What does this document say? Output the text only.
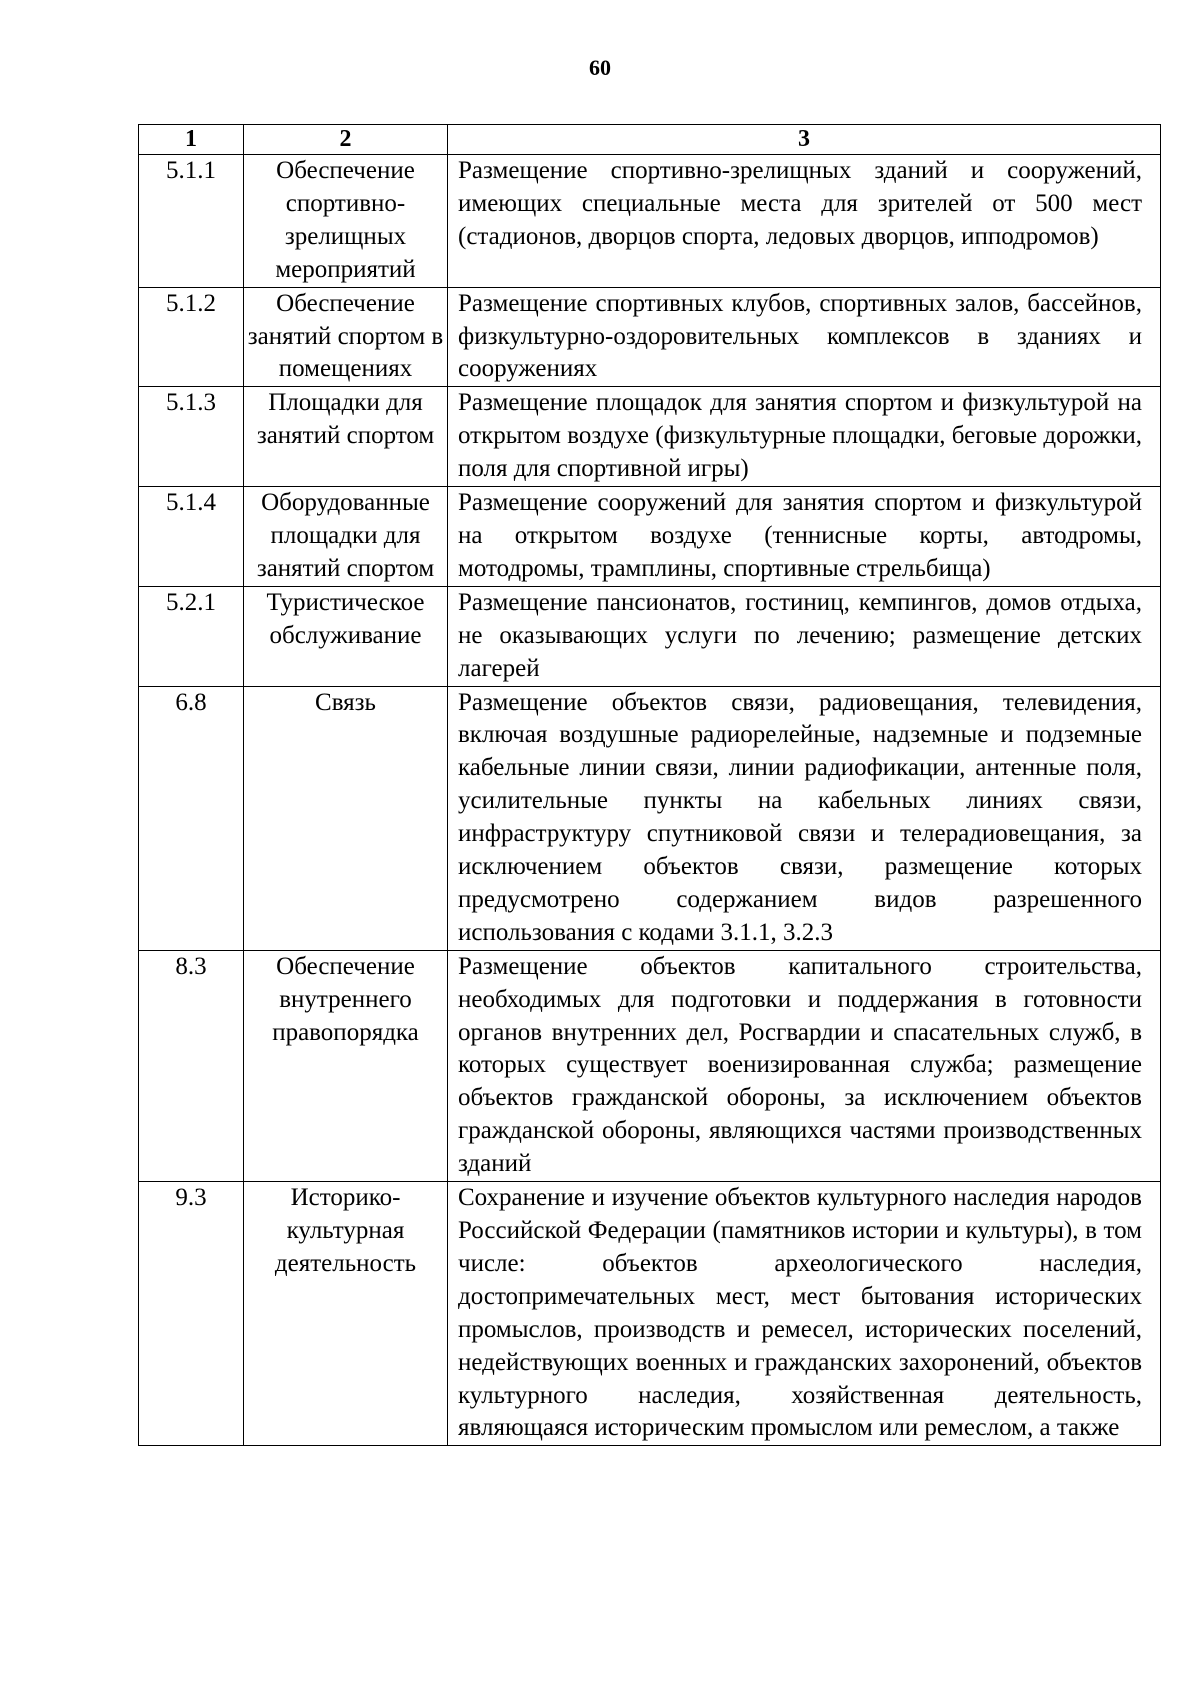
60
1	2	3
5.1.1	Обеспечение спортивно-зрелищных мероприятий	Размещение спортивно-зрелищных зданий и сооружений, имеющих специальные места для зрителей от 500 мест (стадионов, дворцов спорта, ледовых дворцов, ипподромов)
5.1.2	Обеспечение занятий спортом в помещениях	Размещение спортивных клубов, спортивных залов, бассейнов, физкультурно-оздоровительных комплексов в зданиях и сооружениях
5.1.3	Площадки для занятий спортом	Размещение площадок для занятия спортом и физкультурой на открытом воздухе (физкультурные площадки, беговые дорожки, поля для спортивной игры)
5.1.4	Оборудованные площадки для занятий спортом	Размещение сооружений для занятия спортом и физкультурой на открытом воздухе (теннисные корты, автодромы, мотодромы, трамплины, спортивные стрельбища)
5.2.1	Туристическое обслуживание	Размещение пансионатов, гостиниц, кемпингов, домов отдыха, не оказывающих услуги по лечению; размещение детских лагерей
6.8	Связь	Размещение объектов связи, радиовещания, телевидения, включая воздушные радиорелейные, надземные и подземные кабельные линии связи, линии радиофикации, антенные поля, усилительные пункты на кабельных линиях связи, инфраструктуру спутниковой связи и телерадиовещания, за исключением объектов связи, размещение которых предусмотрено содержанием видов разрешенного использования с кодами 3.1.1, 3.2.3
8.3	Обеспечение внутреннего правопорядка	Размещение объектов капитального строительства, необходимых для подготовки и поддержания в готовности органов внутренних дел, Росгвардии и спасательных служб, в которых существует военизированная служба; размещение объектов гражданской обороны, за исключением объектов гражданской обороны, являющихся частями производственных зданий
9.3	Историко-культурная деятельность	Сохранение и изучение объектов культурного наследия народов Российской Федерации (памятников истории и культуры), в том числе: объектов археологического наследия, достопримечательных мест, мест бытования исторических промыслов, производств и ремесел, исторических поселений, недействующих военных и гражданских захоронений, объектов культурного наследия, хозяйственная деятельность, являющаяся историческим промыслом или ремеслом, а также
